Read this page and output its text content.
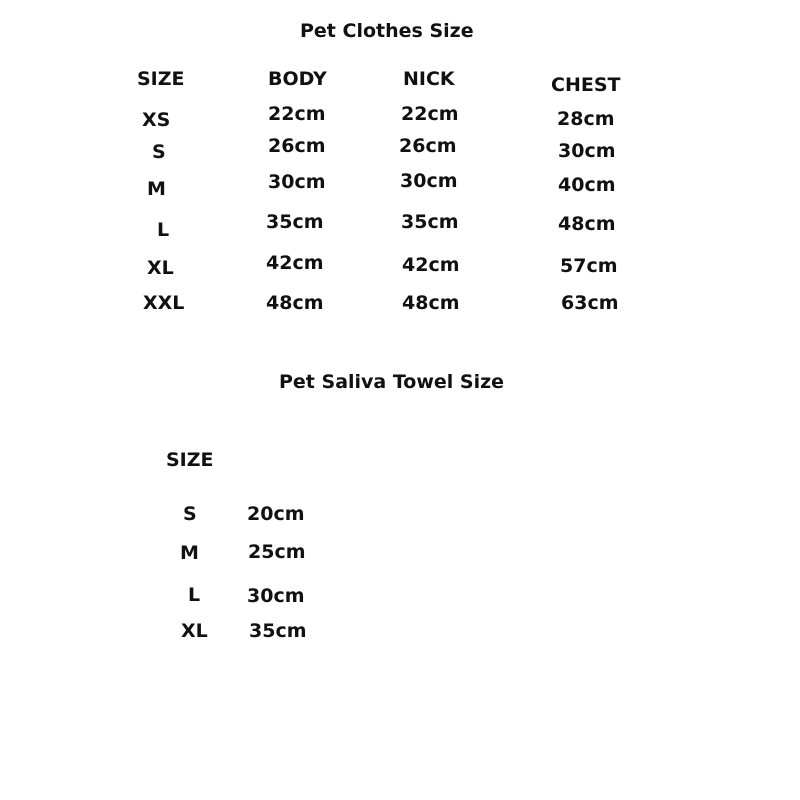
Pet Clothes Size
SIZE	BODY	NICK	CHEST
XS	22cm	22cm	28cm
S	26cm	26cm	30cm
M	30cm	30cm	40cm
L	35cm	35cm	48cm
XL	42cm	42cm	57cm
XXL	48cm	48cm	63cm
Pet Saliva Towel Size
SIZE
S	20cm
M	25cm
L 30cm
XL 35cm
